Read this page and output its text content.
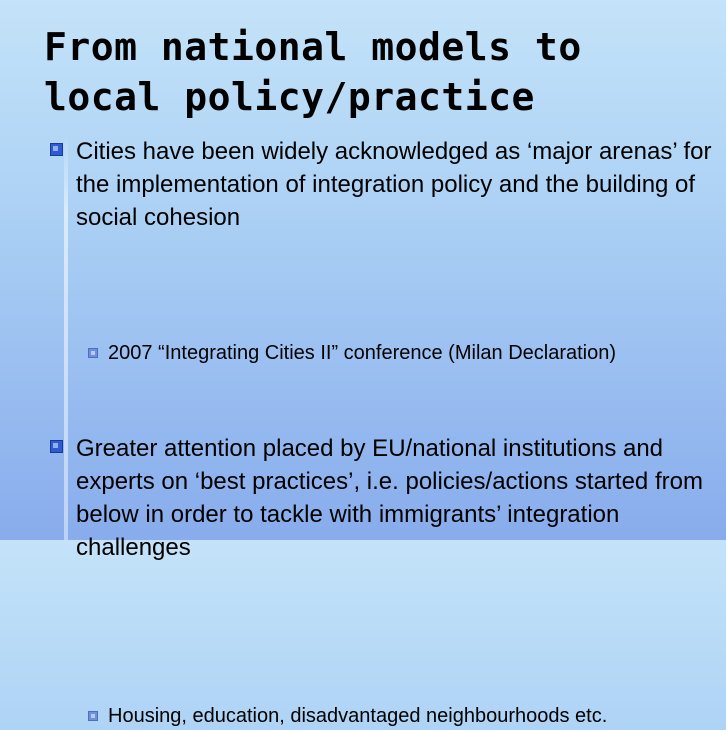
From national models to local policy/practice
Cities have been widely acknowledged as ‘major arenas’ for the implementation of integration policy and the building of social cohesion
2007 “Integrating Cities II” conference (Milan Declaration)
Greater attention placed by EU/national institutions and experts on ‘best practices’, i.e. policies/actions started from below in order to tackle with immigrants’ integration challenges
Housing, education, disadvantaged neighbourhoods etc.
